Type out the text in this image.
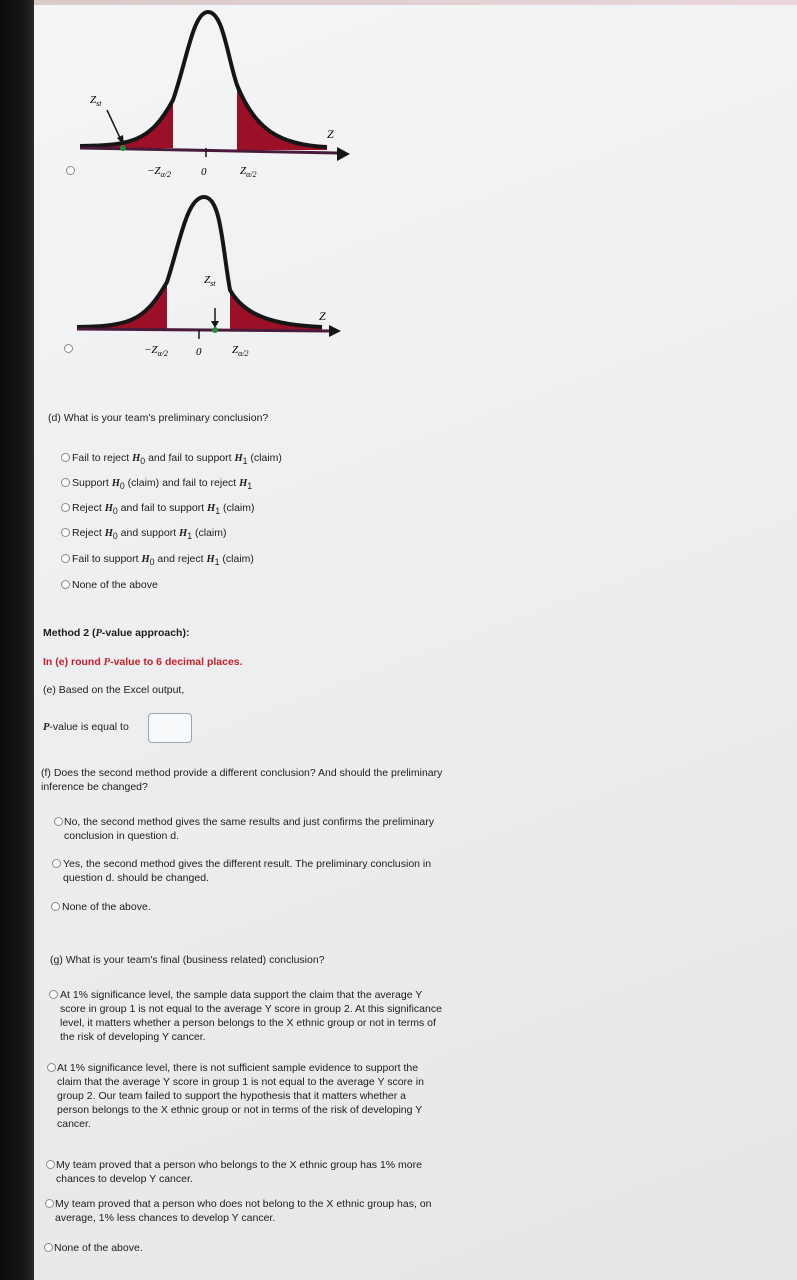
$Z_{st}$
$-Z_{\alpha/2}$	0	$Z_{\alpha/2}$
Z
$Z_{st}$
$-Z_{\alpha/2}$	0	$Z_{\alpha/2}$
Z
(d) What is your team's preliminary conclusion?
Fail to reject $H_0$ and fail to support $H_1$ (claim)
Support $H_0$ (claim) and fail to reject $H_1$
Reject $H_0$ and fail to support $H_1$ (claim)
Reject $H_0$ and support $H_1$ (claim)
Fail to support $H_0$ and reject $H_1$ (claim)
None of the above
Method 2 (P-value approach):
In (e) round P-value to 6 decimal places.
(e) Based on the Excel output,
P-value is equal to
(f) Does the second method provide a different conclusion? And should the preliminary
inference be changed?
No, the second method gives the same results and just confirms the preliminary
conclusion in question d.
Yes, the second method gives the different result. The preliminary conclusion in
question d. should be changed.
None of the above.
(g) What is your team's final (business related) conclusion?
At 1% significance level, the sample data support the claim that the average Y
score in group 1 is not equal to the average Y score in group 2. At this significance
level, it matters whether a person belongs to the X ethnic group or not in terms of
the risk of developing Y cancer.
At 1% significance level, there is not sufficient sample evidence to support the
claim that the average Y score in group 1 is not equal to the average Y score in
group 2. Our team failed to support the hypothesis that it matters whether a
person belongs to the X ethnic group or not in terms of the risk of developing Y
cancer.
My team proved that a person who belongs to the X ethnic group has 1% more
chances to develop Y cancer.
My team proved that a person who does not belong to the X ethnic group has, on
average, 1% less chances to develop Y cancer.
None of the above.
